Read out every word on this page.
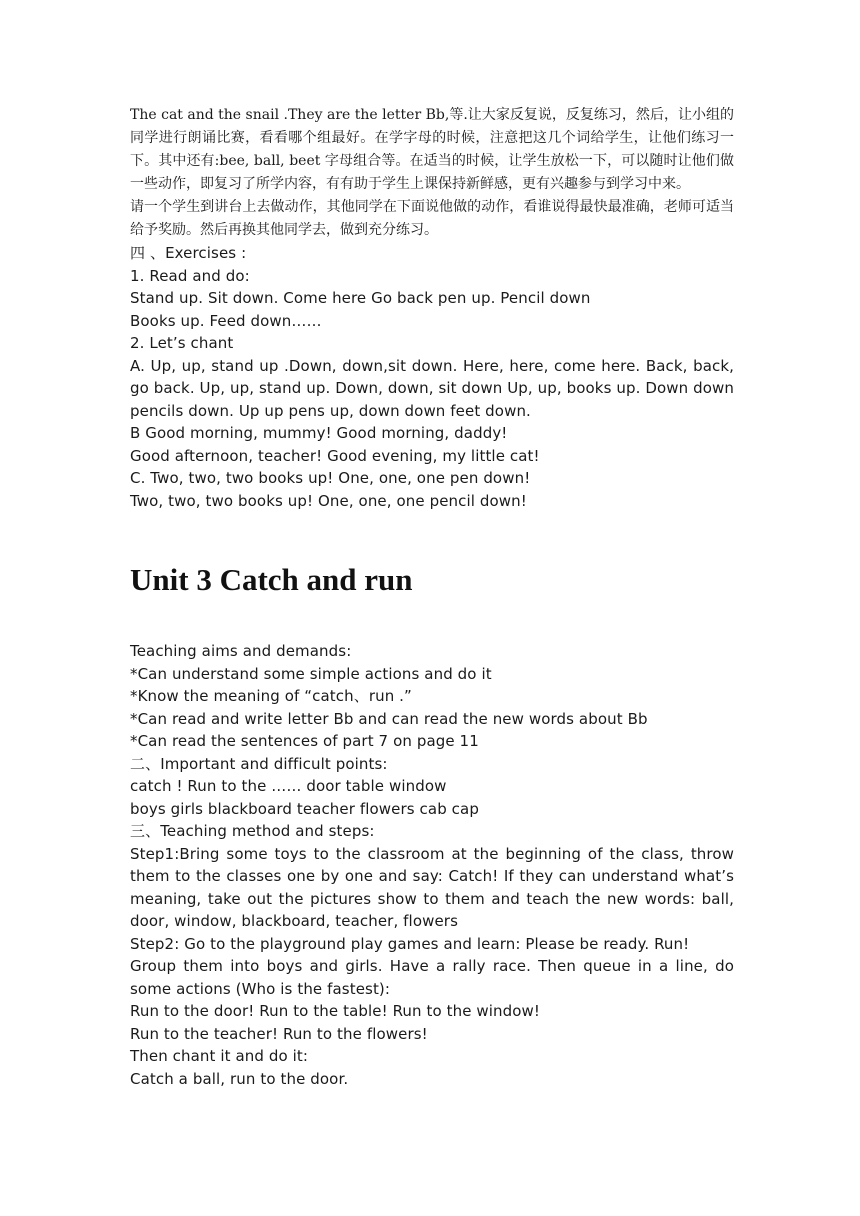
The cat and the snail .They are the letter Bb,等.让大家反复说，反复练习，然后，让小组的同学进行朗诵比赛，看看哪个组最好。在学字母的时候，注意把这几个词给学生，让他们练习一下。其中还有:bee, ball, beet 字母组合等。在适当的时候，让学生放松一下，可以随时让他们做一些动作，即复习了所学内容，有有助于学生上课保持新鲜感，更有兴趣参与到学习中来。

请一个学生到讲台上去做动作，其他同学在下面说他做的动作，看谁说得最快最准确，老师可适当给予奖励。然后再换其他同学去，做到充分练习。

四 、Exercises :

1. Read and do:

Stand up. Sit down. Come here Go back pen up. Pencil down

Books up. Feed down……

2. Let’s chant

A. Up, up, stand up .Down, down,sit down. Here, here, come here. Back, back, go back. Up, up, stand up. Down, down, sit down Up, up, books up. Down down pencils down. Up up pens up, down down feet down.

B Good morning, mummy! Good morning, daddy!

Good afternoon, teacher! Good evening, my little cat!

C. Two, two, two books up! One, one, one pen down!

Two, two, two books up! One, one, one pencil down!

Unit 3 Catch and run

Teaching aims and demands:

*Can understand some simple actions and do it

*Know the meaning of “catch、run .”

*Can read and write letter Bb and can read the new words about Bb

*Can read the sentences of part 7 on page 11

二、Important and difficult points:

catch ! Run to the …… door table window

boys girls blackboard teacher flowers cab cap

三、Teaching method and steps:

Step1:Bring some toys to the classroom at the beginning of the class, throw them to the classes one by one and say: Catch! If they can understand what’s meaning, take out the pictures show to them and teach the new words: ball, door, window, blackboard, teacher, flowers

Step2: Go to the playground play games and learn: Please be ready. Run!

Group them into boys and girls. Have a rally race. Then queue in a line, do some actions (Who is the fastest):

Run to the door! Run to the table! Run to the window!

Run to the teacher! Run to the flowers!

Then chant it and do it:

Catch a ball, run to the door.
